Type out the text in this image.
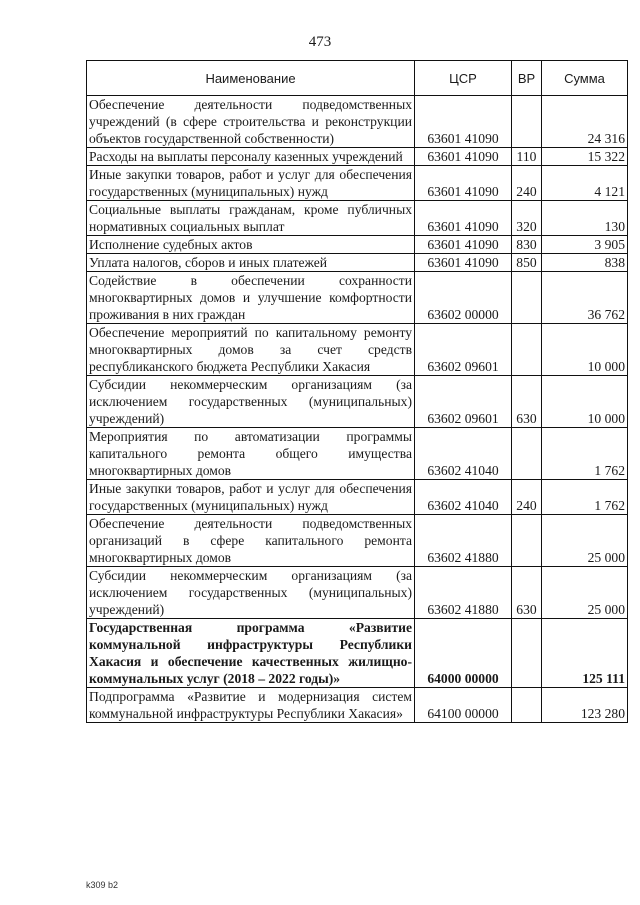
473
Наименование	ЦСР	ВР	Сумма
Обеспечение деятельности подведомственных учреждений (в сфере строительства и реконструкции объектов государственной собственности)	63601 41090		24 316
Расходы на выплаты персоналу казенных учреждений	63601 41090	110	15 322
Иные закупки товаров, работ и услуг для обеспечения государственных (муниципальных) нужд	63601 41090	240	4 121
Социальные выплаты гражданам, кроме публичных нормативных социальных выплат	63601 41090	320	130
Исполнение судебных актов	63601 41090	830	3 905
Уплата налогов, сборов и иных платежей	63601 41090	850	838
Содействие в обеспечении сохранности многоквартирных домов и улучшение комфортности проживания в них граждан	63602 00000		36 762
Обеспечение мероприятий по капитальному ремонту многоквартирных домов за счет средств республиканского бюджета Республики Хакасия	63602 09601		10 000
Субсидии некоммерческим организациям (за исключением государственных (муниципальных) учреждений)	63602 09601	630	10 000
Мероприятия по автоматизации программы капитального ремонта общего имущества многоквартирных домов	63602 41040		1 762
Иные закупки товаров, работ и услуг для обеспечения государственных (муниципальных) нужд	63602 41040	240	1 762
Обеспечение деятельности подведомственных организаций в сфере капитального ремонта многоквартирных домов	63602 41880		25 000
Субсидии некоммерческим организациям (за исключением государственных (муниципальных) учреждений)	63602 41880	630	25 000
Государственная программа «Развитие коммунальной инфраструктуры Республики Хакасия и обеспечение качественных жилищно-коммунальных услуг (2018 – 2022 годы)»	64000 00000		125 111
Подпрограмма «Развитие и модернизация систем коммунальной инфраструктуры Республики Хакасия»	64100 00000		123 280
k309 b2
